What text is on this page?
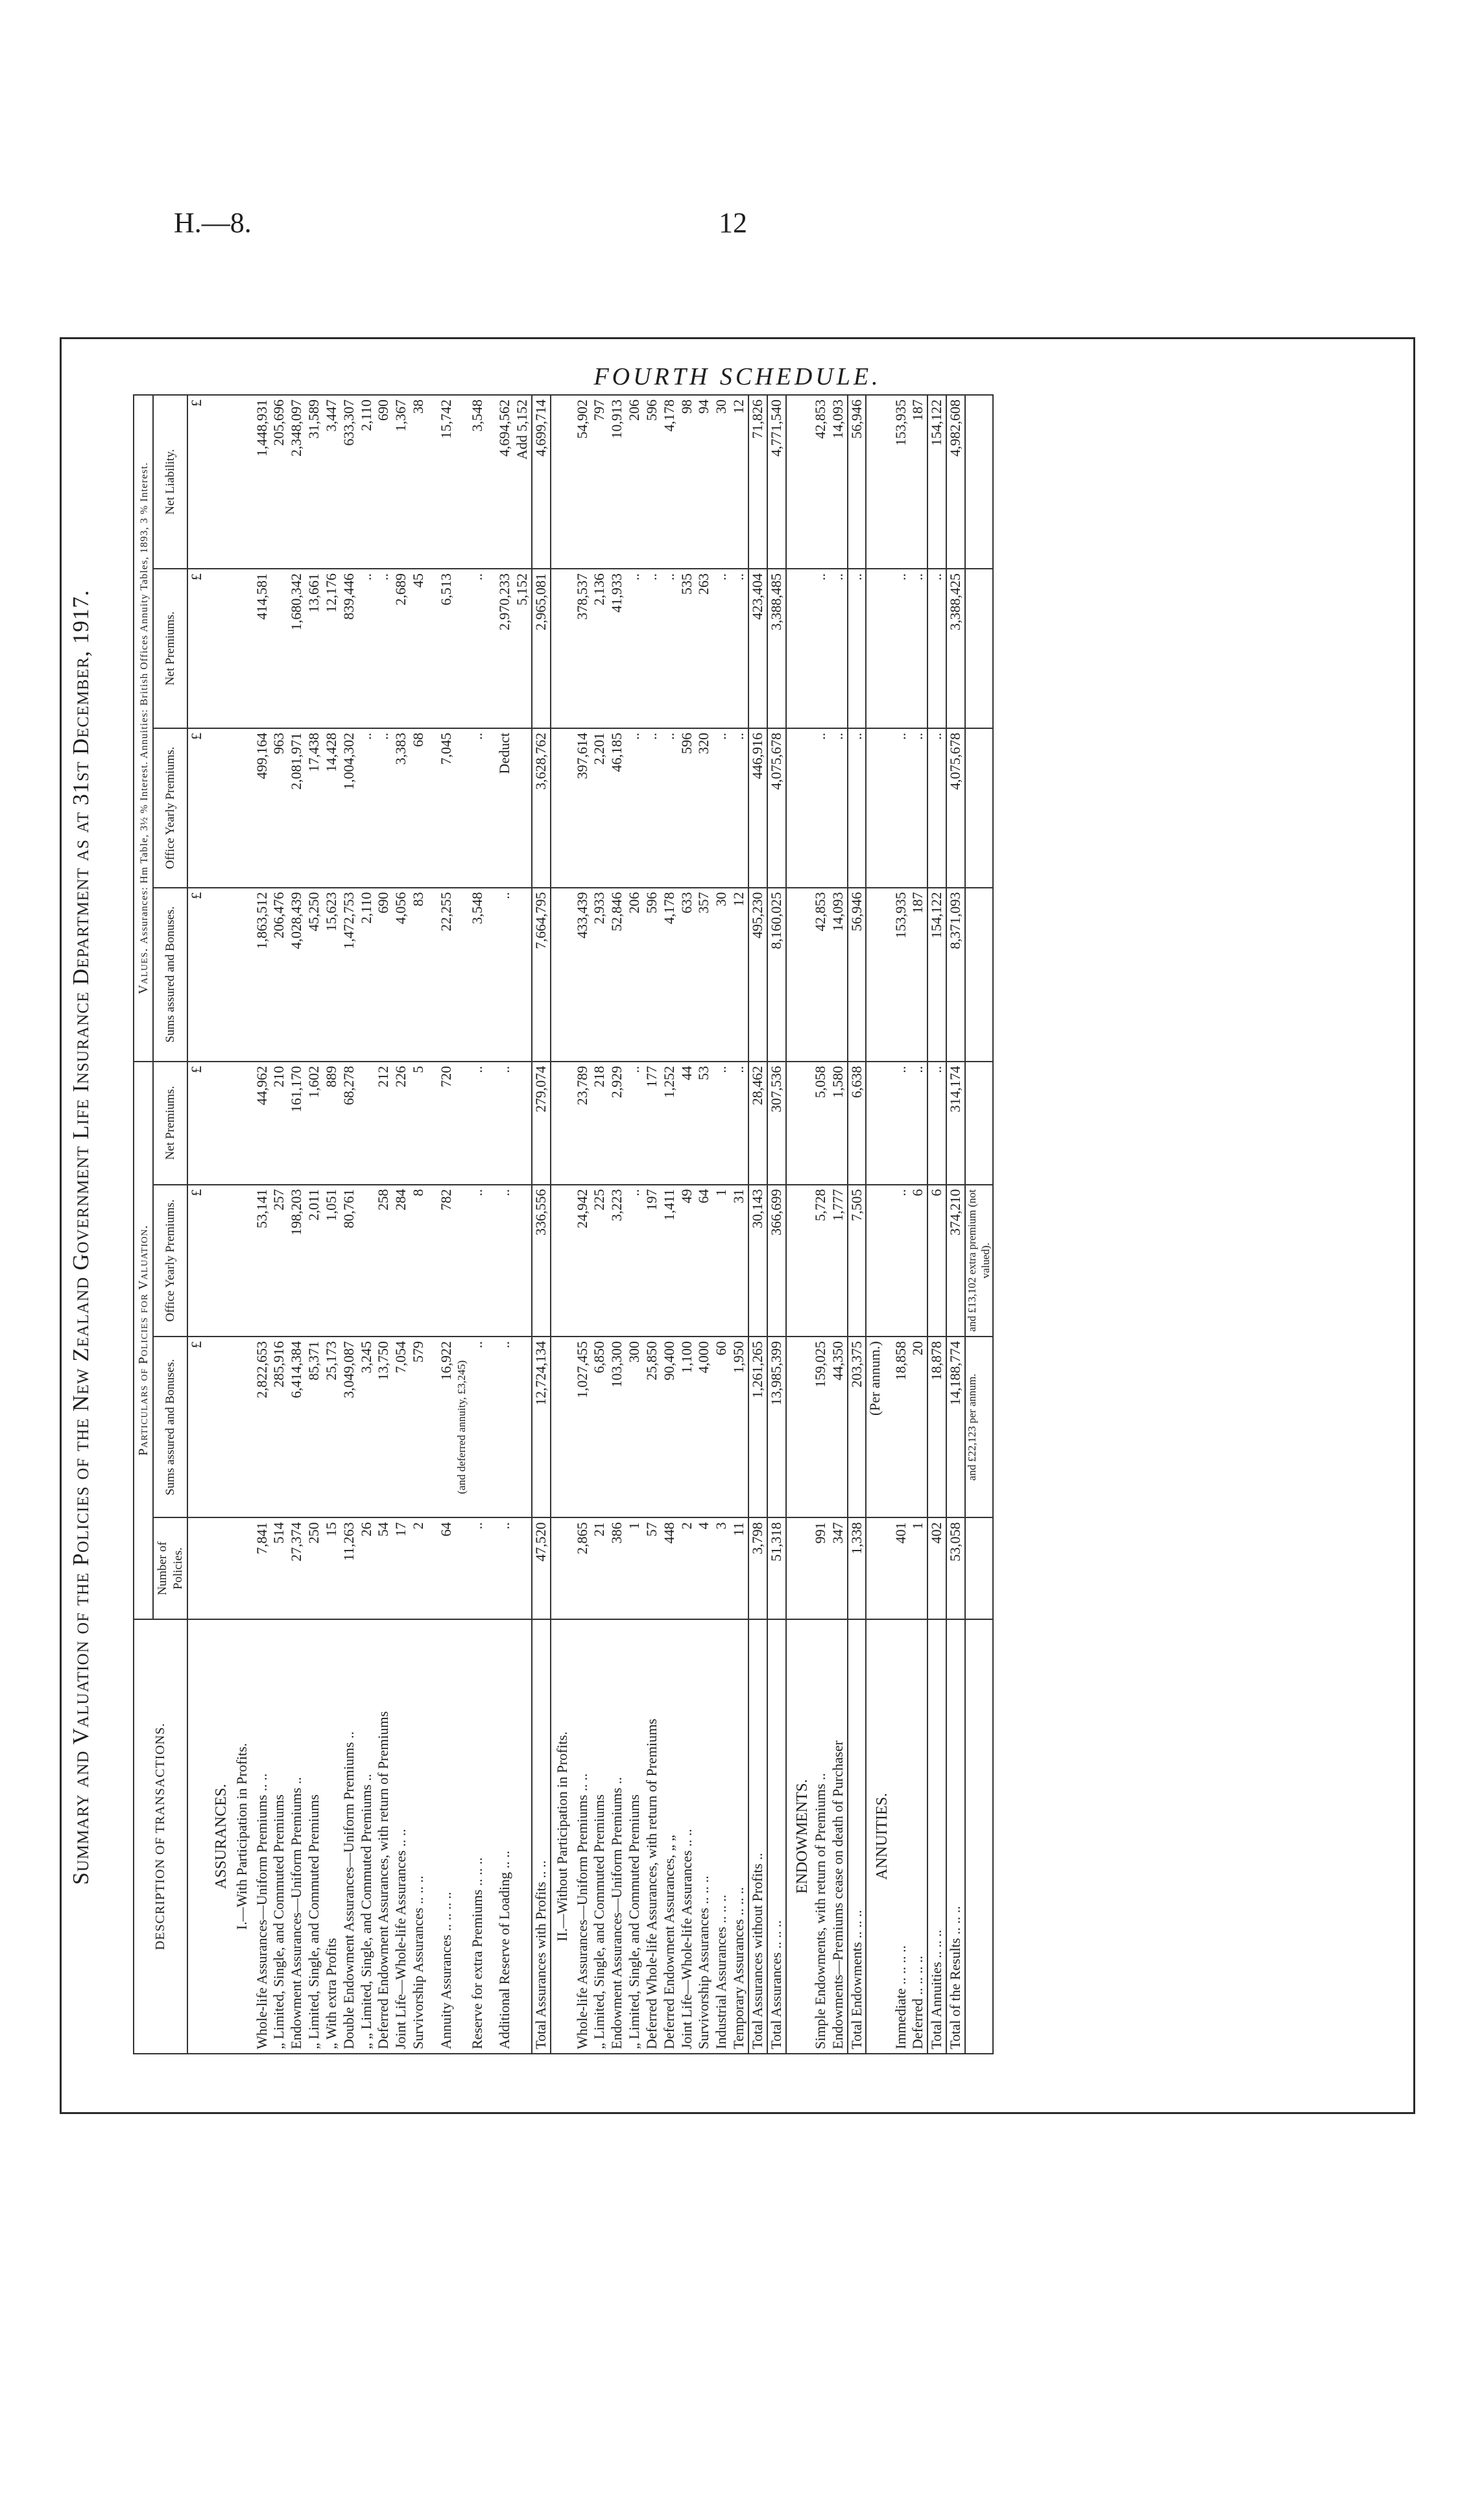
H.—8.	12
FOURTH SCHEDULE.
Summary and Valuation of the Policies of the New Zealand Government Life Insurance Department as at 31st December, 1917.	DESCRIPTION OF TRANSACTIONS.	Particulars of Policies for Valuation.				Values. Assurances: Hm Table, 3½ % Interest. Annuities: British Offices Annuity Tables, 1893, 3 % Interest.			
	Number of Policies.	Sums assured and Bonuses.	Office Yearly Premiums.	Net Premiums.	Sums assured and Bonuses.	Office Yearly Premiums.	Net Premiums.	Net Liability.
		£	£	£	£	£	£	£
ASSURANCES.								
I.—With Participation in Profits.								
Whole-life Assurances—Uniform Premiums .. ..	7,841	2,822,653	53,141	44,962	1,863,512	499,164	414,581	1,448,931
„ Limited, Single, and Commuted Premiums	514	285,916	257	210	206,476	963		205,696
Endowment Assurances—Uniform Premiums ..	27,374	6,414,384	198,203	161,170	4,028,439	2,081,971	1,680,342	2,348,097
„ Limited, Single, and Commuted Premiums	250	85,371	2,011	1,602	45,250	17,438	13,661	31,589
„ With extra Profits	15	25,173	1,051	889	15,623	14,428	12,176	3,447
Double Endowment Assurances—Uniform Premiums ..	11,263	3,049,087	80,761	68,278	1,472,753	1,004,302	839,446	633,307
„ „ Limited, Single, and Commuted Premiums ..	26	3,245			2,110	..	..	2,110
Deferred Endowment Assurances, with return of Premiums	54	13,750	258	212	690	..	..	690
Joint Life—Whole-life Assurances .. ..	17	7,054	284	226	4,056	3,383	2,689	1,367
Survivorship Assurances .. .. ..	2	579	8	5	83	68	45	38

Annuity Assurances .. .. .. ..	64	16,922	782	720	22,255	7,045	6,513	15,742
		(and deferred annuity, £3,245)						
Reserve for extra Premiums .. .. ..	..	..	..	..	3,548	..	..	3,548

Additional Reserve of Loading .. ..	..	..	..	..	..	Deduct	2,970,233	4,694,562
							5,152	Add 5,152
Total Assurances with Profits .. ..	47,520	12,724,134	336,556	279,074	7,664,795	3,628,762	2,965,081	4,699,714
II.—Without Participation in Profits.								
Whole-life Assurances—Uniform Premiums .. ..	2,865	1,027,455	24,942	23,789	433,439	397,614	378,537	54,902
„ Limited, Single, and Commuted Premiums	21	6,850	225	218	2,933	2,201	2,136	797
Endowment Assurances—Uniform Premiums ..	386	103,300	3,223	2,929	52,846	46,185	41,933	10,913
„ Limited, Single, and Commuted Premiums	1	300	..	..	206	..	..	206
Deferred Whole-life Assurances, with return of Premiums	57	25,850	197	177	596	..	..	596
Deferred Endowment Assurances, „ „	448	90,400	1,411	1,252	4,178	..	..	4,178
Joint Life—Whole-life Assurances .. ..	2	1,100	49	44	633	596	535	98
Survivorship Assurances .. .. ..	4	4,000	64	53	357	320	263	94
Industrial Assurances .. .. ..	3	60	1	..	30	..	..	30
Temporary Assurances .. .. ..	11	1,950	31	..	12	..	..	12
Total Assurances without Profits ..	3,798	1,261,265	30,143	28,462	495,230	446,916	423,404	71,826
Total Assurances .. .. ..	51,318	13,985,399	366,699	307,536	8,160,025	4,075,678	3,388,485	4,771,540
ENDOWMENTS.								
Simple Endowments, with return of Premiums ..	991	159,025	5,728	5,058	42,853	..	..	42,853
Endowments—Premiums cease on death of Purchaser	347	44,350	1,777	1,580	14,093	..	..	14,093
Total Endowments .. .. ..	1,338	203,375	7,505	6,638	56,946	..	..	56,946
ANNUITIES.		(Per annum.)						
Immediate .. .. .. ..	401	18,858	..	..	153,935	..	..	153,935
Deferred .. .. .. ..	1	20	6	..	187	..	..	187
Total Annuities .. .. ..	402	18,878	6	..	154,122	..	..	154,122
Total of the Results .. .. ..	53,058	14,188,774	374,210	314,174	8,371,093	4,075,678	3,388,425	4,982,608
		and £22,123 per annum.	and £13,102 extra premium (not valued).					
